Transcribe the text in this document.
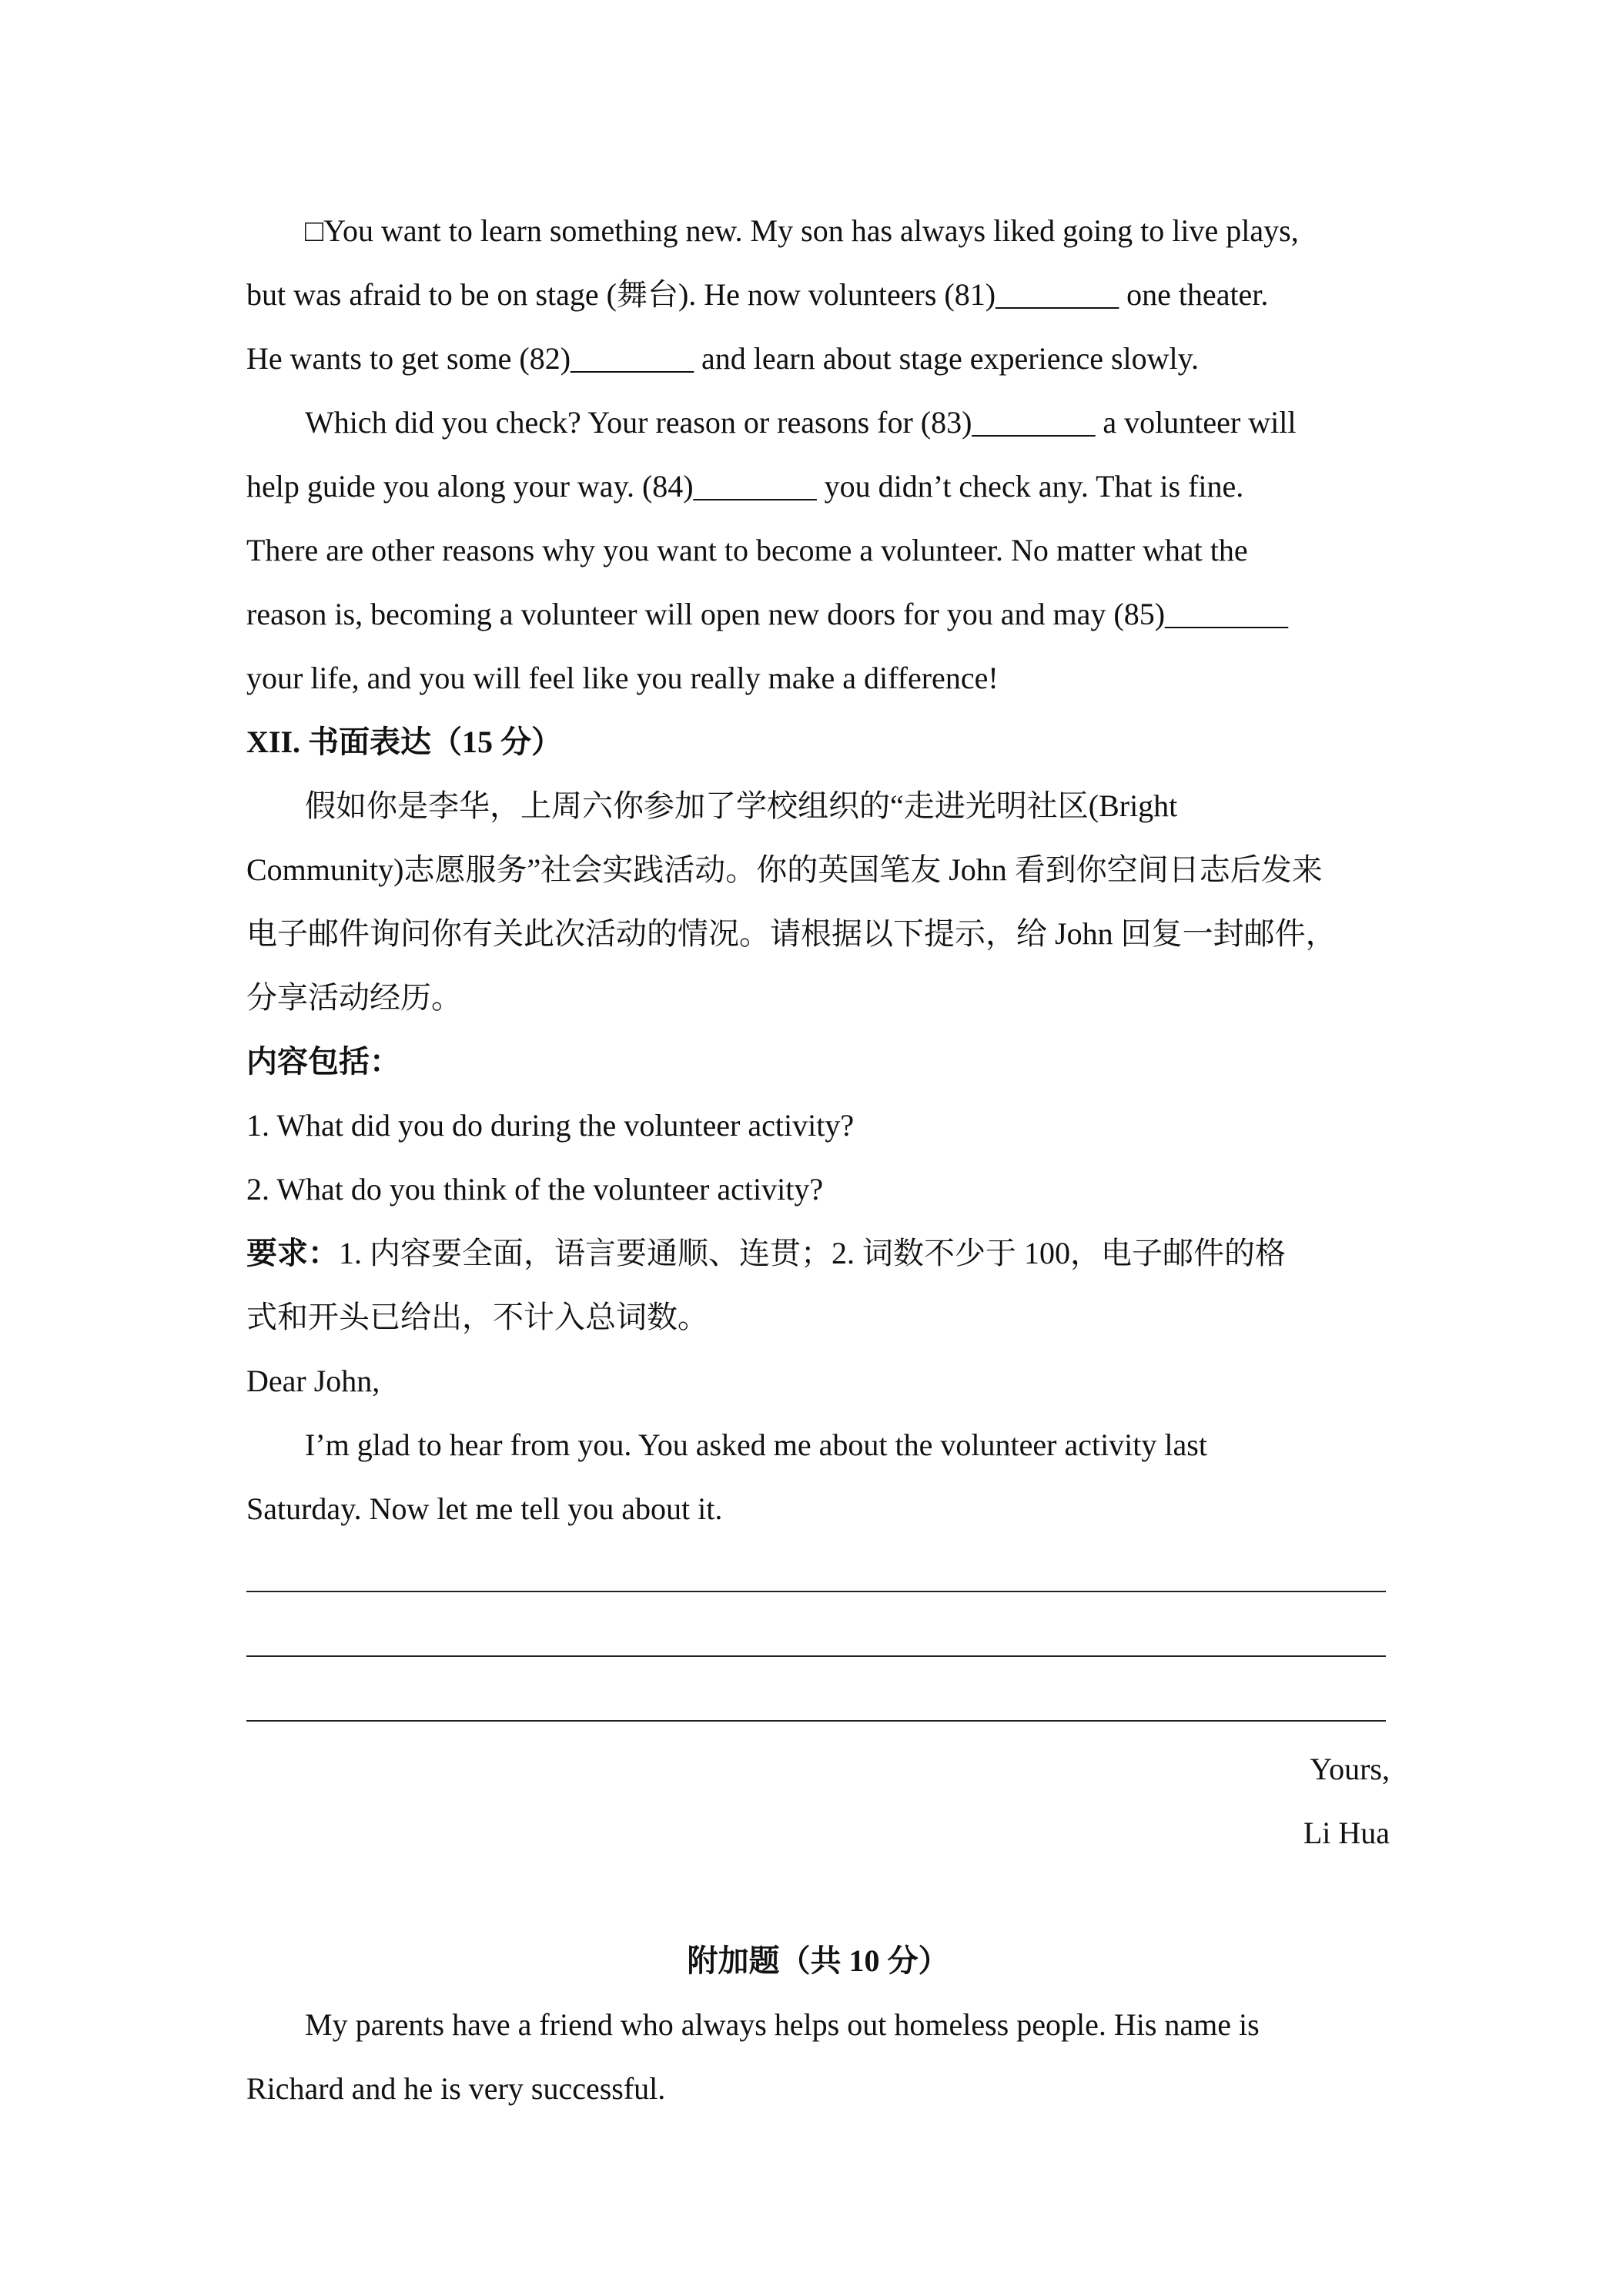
□You want to learn something new. My son has always liked going to live plays,
but was afraid to be on stage (舞台). He now volunteers (81)________ one theater.
He wants to get some (82)________ and learn about stage experience slowly.
Which did you check? Your reason or reasons for (83)________ a volunteer will
help guide you along your way. (84)________ you didn’t check any. That is fine.
There are other reasons why you want to become a volunteer. No matter what the
reason is, becoming a volunteer will open new doors for you and may (85)________
your life, and you will feel like you really make a difference!
XII. 书面表达（15 分）
假如你是李华，上周六你参加了学校组织的“走进光明社区(Bright
Community)志愿服务”社会实践活动。你的英国笔友 John 看到你空间日志后发来
电子邮件询问你有关此次活动的情况。请根据以下提示，给 John 回复一封邮件，
分享活动经历。
内容包括：
1. What did you do during the volunteer activity?
2. What do you think of the volunteer activity?
要求：1. 内容要全面，语言要通顺、连贯；2. 词数不少于 100，电子邮件的格
式和开头已给出，不计入总词数。
Dear John,
I’m glad to hear from you. You asked me about the volunteer activity last
Saturday. Now let me tell you about it.
Yours,
Li Hua
附加题（共 10 分）
My parents have a friend who always helps out homeless people. His name is
Richard and he is very successful.
